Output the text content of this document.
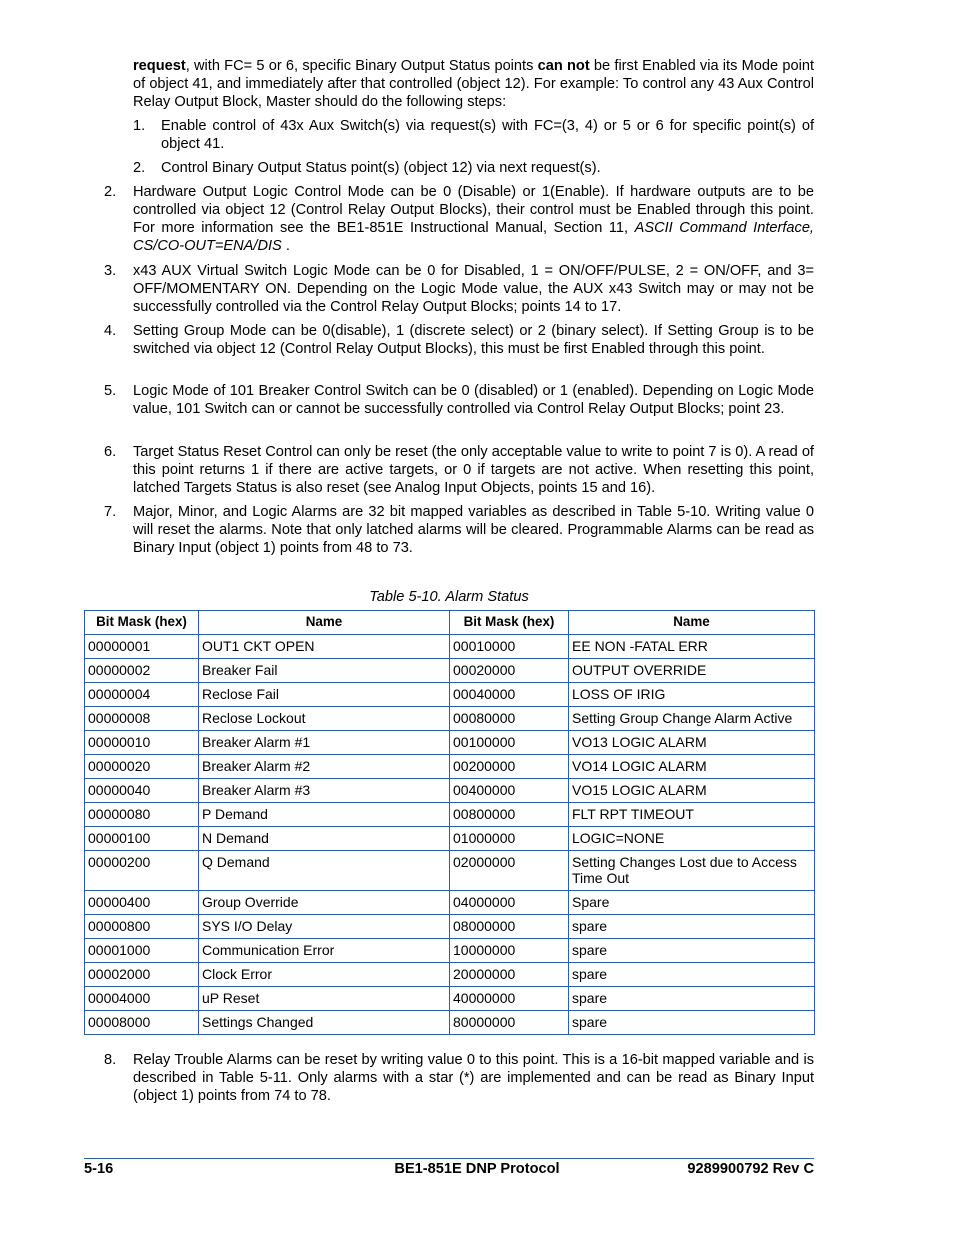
request, with FC= 5 or 6, specific Binary Output Status points can not be first Enabled via its Mode point of object 41, and immediately after that controlled (object 12). For example: To control any 43 Aux Control Relay Output Block, Master should do the following steps:
1.	Enable control of 43x Aux Switch(s) via request(s) with FC=(3, 4) or 5 or 6 for specific point(s) of object 41.
2.	Control Binary Output Status point(s) (object 12) via next request(s).
2.	Hardware Output Logic Control Mode can be 0 (Disable) or 1(Enable). If hardware outputs are to be controlled via object 12 (Control Relay Output Blocks), their control must be Enabled through this point. For more information see the BE1-851E Instructional Manual, Section 11, ASCII Command Interface, CS/CO-OUT=ENA/DIS .
3.	x43 AUX Virtual Switch Logic Mode can be 0 for Disabled, 1 = ON/OFF/PULSE, 2 = ON/OFF, and 3= OFF/MOMENTARY ON. Depending on the Logic Mode value, the AUX x43 Switch may or may not be successfully controlled via the Control Relay Output Blocks; points 14 to 17.
4.	Setting Group Mode can be 0(disable), 1 (discrete select) or 2 (binary select). If Setting Group is to be switched via object 12 (Control Relay Output Blocks), this must be first Enabled through this point.
5.	Logic Mode of 101 Breaker Control Switch can be 0 (disabled) or 1 (enabled). Depending on Logic Mode value, 101 Switch can or cannot be successfully controlled via Control Relay Output Blocks; point 23.
6.	Target Status Reset Control can only be reset (the only acceptable value to write to point 7 is 0). A read of this point returns 1 if there are active targets, or 0 if targets are not active. When resetting this point, latched Targets Status is also reset (see Analog Input Objects, points 15 and 16).
7.	Major, Minor, and Logic Alarms are 32 bit mapped variables as described in Table 5-10. Writing value 0 will reset the alarms. Note that only latched alarms will be cleared. Programmable Alarms can be read as Binary Input (object 1) points from 48 to 73.
Table 5-10. Alarm Status
Bit Mask (hex)	Name	Bit Mask (hex)	Name
00000001	OUT1 CKT OPEN	00010000	EE NON -FATAL ERR
00000002	Breaker Fail	00020000	OUTPUT OVERRIDE
00000004	Reclose Fail	00040000	LOSS OF IRIG
00000008	Reclose Lockout	00080000	Setting Group Change Alarm Active
00000010	Breaker Alarm #1	00100000	VO13 LOGIC ALARM
00000020	Breaker Alarm #2	00200000	VO14 LOGIC ALARM
00000040	Breaker Alarm #3	00400000	VO15 LOGIC ALARM
00000080	P Demand	00800000	FLT RPT TIMEOUT
00000100	N Demand	01000000	LOGIC=NONE
00000200	Q Demand	02000000	Setting Changes Lost due to Access Time Out
00000400	Group Override	04000000	Spare
00000800	SYS I/O Delay	08000000	spare
00001000	Communication Error	10000000	spare
00002000	Clock Error	20000000	spare
00004000	uP Reset	40000000	spare
00008000	Settings Changed	80000000	spare
8.	Relay Trouble Alarms can be reset by writing value 0 to this point. This is a 16-bit mapped variable and is described in Table 5-11. Only alarms with a star (*) are implemented and can be read as Binary Input (object 1) points from 74 to 78.
5-16	BE1-851E DNP Protocol	9289900792 Rev C
